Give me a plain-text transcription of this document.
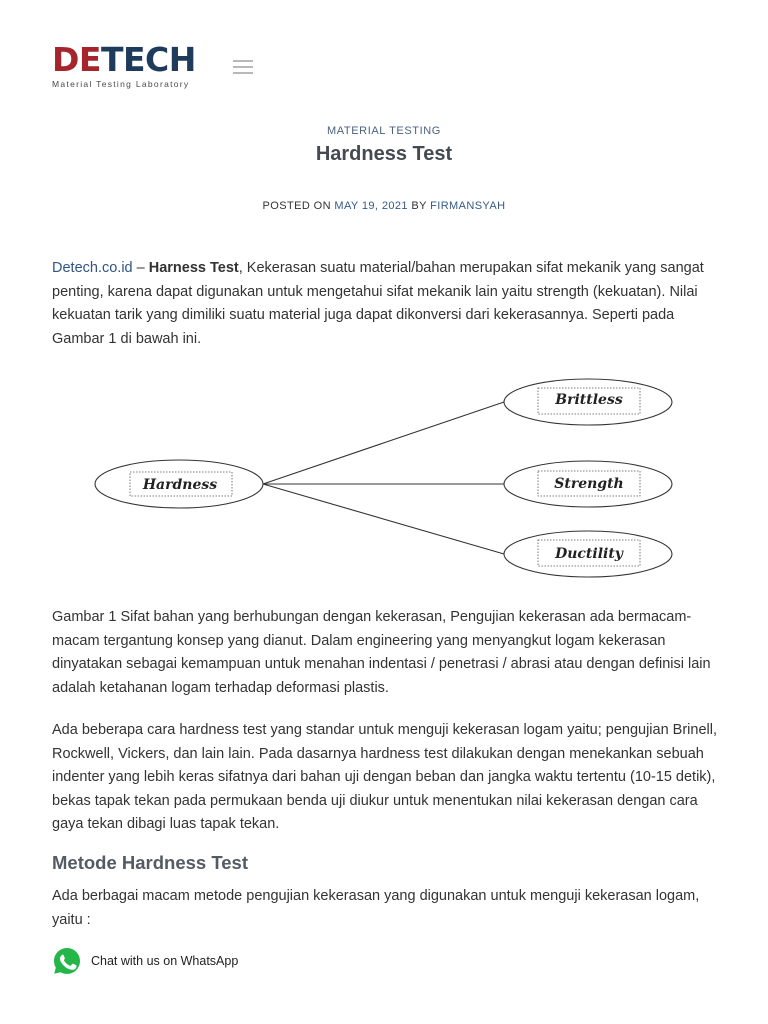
DETECH
Material Testing Laboratory
MATERIAL TESTING
Hardness Test
POSTED ON MAY 19, 2021 BY FIRMANSYAH

Detech.co.id – Harness Test, Kekerasan suatu material/bahan merupakan sifat mekanik yang sangat penting, karena dapat digunakan untuk mengetahui sifat mekanik lain yaitu strength (kekuatan). Nilai kekuatan tarik yang dimiliki suatu material juga dapat dikonversi dari kekerasannya. Seperti pada Gambar 1 di bawah ini.

Hardness
Brittless
Strength
Ductility

Gambar 1 Sifat bahan yang berhubungan dengan kekerasan, Pengujian kekerasan ada bermacam-macam tergantung konsep yang dianut. Dalam engineering yang menyangkut logam kekerasan dinyatakan sebagai kemampuan untuk menahan indentasi / penetrasi / abrasi atau dengan definisi lain adalah ketahanan logam terhadap deformasi plastis.

Ada beberapa cara hardness test yang standar untuk menguji kekerasan logam yaitu; pengujian Brinell, Rockwell, Vickers, dan lain lain. Pada dasarnya hardness test dilakukan dengan menekankan sebuah indenter yang lebih keras sifatnya dari bahan uji dengan beban dan jangka waktu tertentu (10-15 detik), bekas tapak tekan pada permukaan benda uji diukur untuk menentukan nilai kekerasan dengan cara gaya tekan dibagi luas tapak tekan.

Metode Hardness Test

Ada berbagai macam metode pengujian kekerasan yang digunakan untuk menguji kekerasan logam, yaitu :

Chat with us on WhatsApp
